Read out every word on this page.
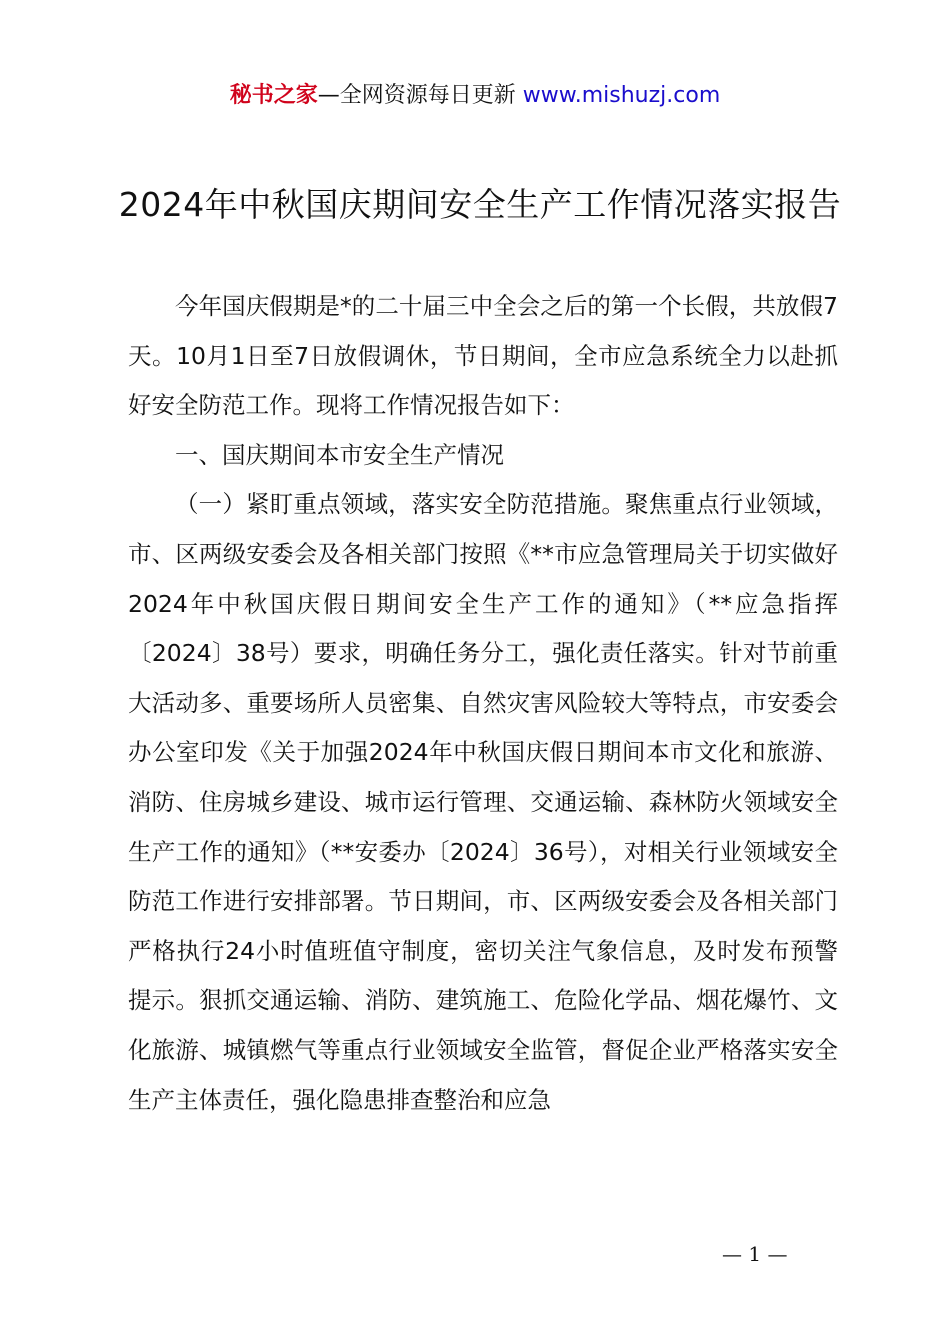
秘书之家—全网资源每日更新 www.mishuzj.com
2024年中秋国庆期间安全生产工作情况落实报告

今年国庆假期是*的二十届三中全会之后的第一个长假，共放假7天。10月1日至7日放假调休，节日期间，全市应急系统全力以赴抓好安全防范工作。现将工作情况报告如下：

一、国庆期间本市安全生产情况

（一）紧盯重点领域，落实安全防范措施。聚焦重点行业领域，市、区两级安委会及各相关部门按照《**市应急管理局关于切实做好2024年中秋国庆假日期间安全生产工作的通知》（**应急指挥〔2024〕38号）要求，明确任务分工，强化责任落实。针对节前重大活动多、重要场所人员密集、自然灾害风险较大等特点，市安委会办公室印发《关于加强2024年中秋国庆假日期间本市文化和旅游、消防、住房城乡建设、城市运行管理、交通运输、森林防火领域安全生产工作的通知》（**安委办〔2024〕36号），对相关行业领域安全防范工作进行安排部署。节日期间，市、区两级安委会及各相关部门严格执行24小时值班值守制度，密切关注气象信息，及时发布预警提示。狠抓交通运输、消防、建筑施工、危险化学品、烟花爆竹、文化旅游、城镇燃气等重点行业领域安全监管，督促企业严格落实安全生产主体责任，强化隐患排查整治和应急

— 1 —
